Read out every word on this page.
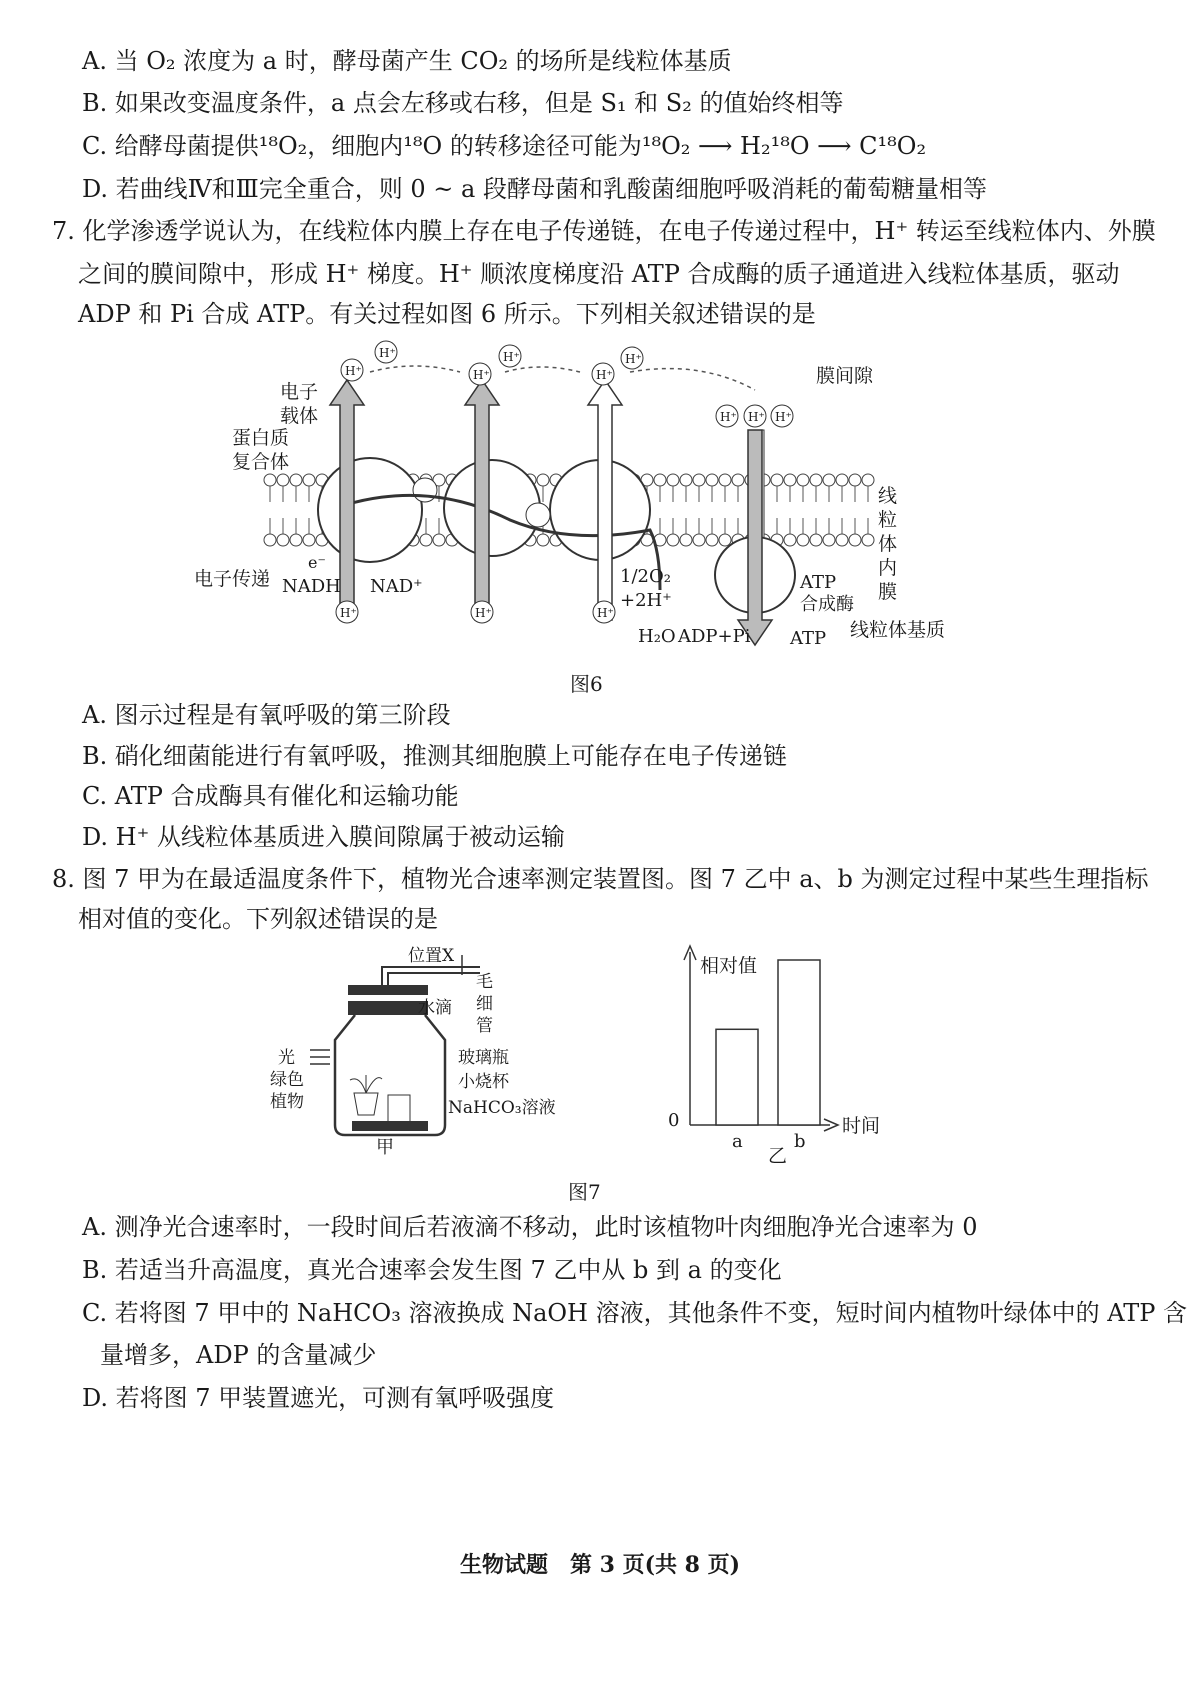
A. 当 O₂ 浓度为 a 时，酵母菌产生 CO₂ 的场所是线粒体基质
B. 如果改变温度条件，a 点会左移或右移，但是 S₁ 和 S₂ 的值始终相等
C. 给酵母菌提供¹⁸O₂，细胞内¹⁸O 的转移途径可能为¹⁸O₂ ⟶ H₂¹⁸O ⟶ C¹⁸O₂
D. 若曲线Ⅳ和Ⅲ完全重合，则 0 ~ a 段酵母菌和乳酸菌细胞呼吸消耗的葡萄糖量相等
7. 化学渗透学说认为，在线粒体内膜上存在电子传递链，在电子传递过程中，H⁺ 转运至线粒体内、外膜
之间的膜间隙中，形成 H⁺ 梯度。H⁺ 顺浓度梯度沿 ATP 合成酶的质子通道进入线粒体基质，驱动
ADP 和 Pi 合成 ATP。有关过程如图 6 所示。下列相关叙述错误的是
H⁺
H⁺
H⁺
H⁺
H⁺
H⁺
H⁺ H⁺ H⁺
H⁺	H⁺	H⁺
膜间隙
电子
载体
蛋白质
复合体
线
粒
体
内
膜
电子传递
e⁻
NADH NAD⁺	1/2O₂
+2H⁺
H₂O ADP+Pi
ATP
合成酶
ATP 线粒体基质
图6
A. 图示过程是有氧呼吸的第三阶段
B. 硝化细菌能进行有氧呼吸，推测其细胞膜上可能存在电子传递链
C. ATP 合成酶具有催化和运输功能
D. H⁺ 从线粒体基质进入膜间隙属于被动运输
8. 图 7 甲为在最适温度条件下，植物光合速率测定装置图。图 7 乙中 a、b 为测定过程中某些生理指标
相对值的变化。下列叙述错误的是
位置X
水滴
毛
细
管
光
绿色
植物
玻璃瓶
小烧杯
NaHCO₃溶液
甲	a	b
相对值
时间
0
乙
图7
A. 测净光合速率时，一段时间后若液滴不移动，此时该植物叶肉细胞净光合速率为 0
B. 若适当升高温度，真光合速率会发生图 7 乙中从 b 到 a 的变化
C. 若将图 7 甲中的 NaHCO₃ 溶液换成 NaOH 溶液，其他条件不变，短时间内植物叶绿体中的 ATP 含
量增多，ADP 的含量减少
D. 若将图 7 甲装置遮光，可测有氧呼吸强度
生物试题　第 3 页(共 8 页)
